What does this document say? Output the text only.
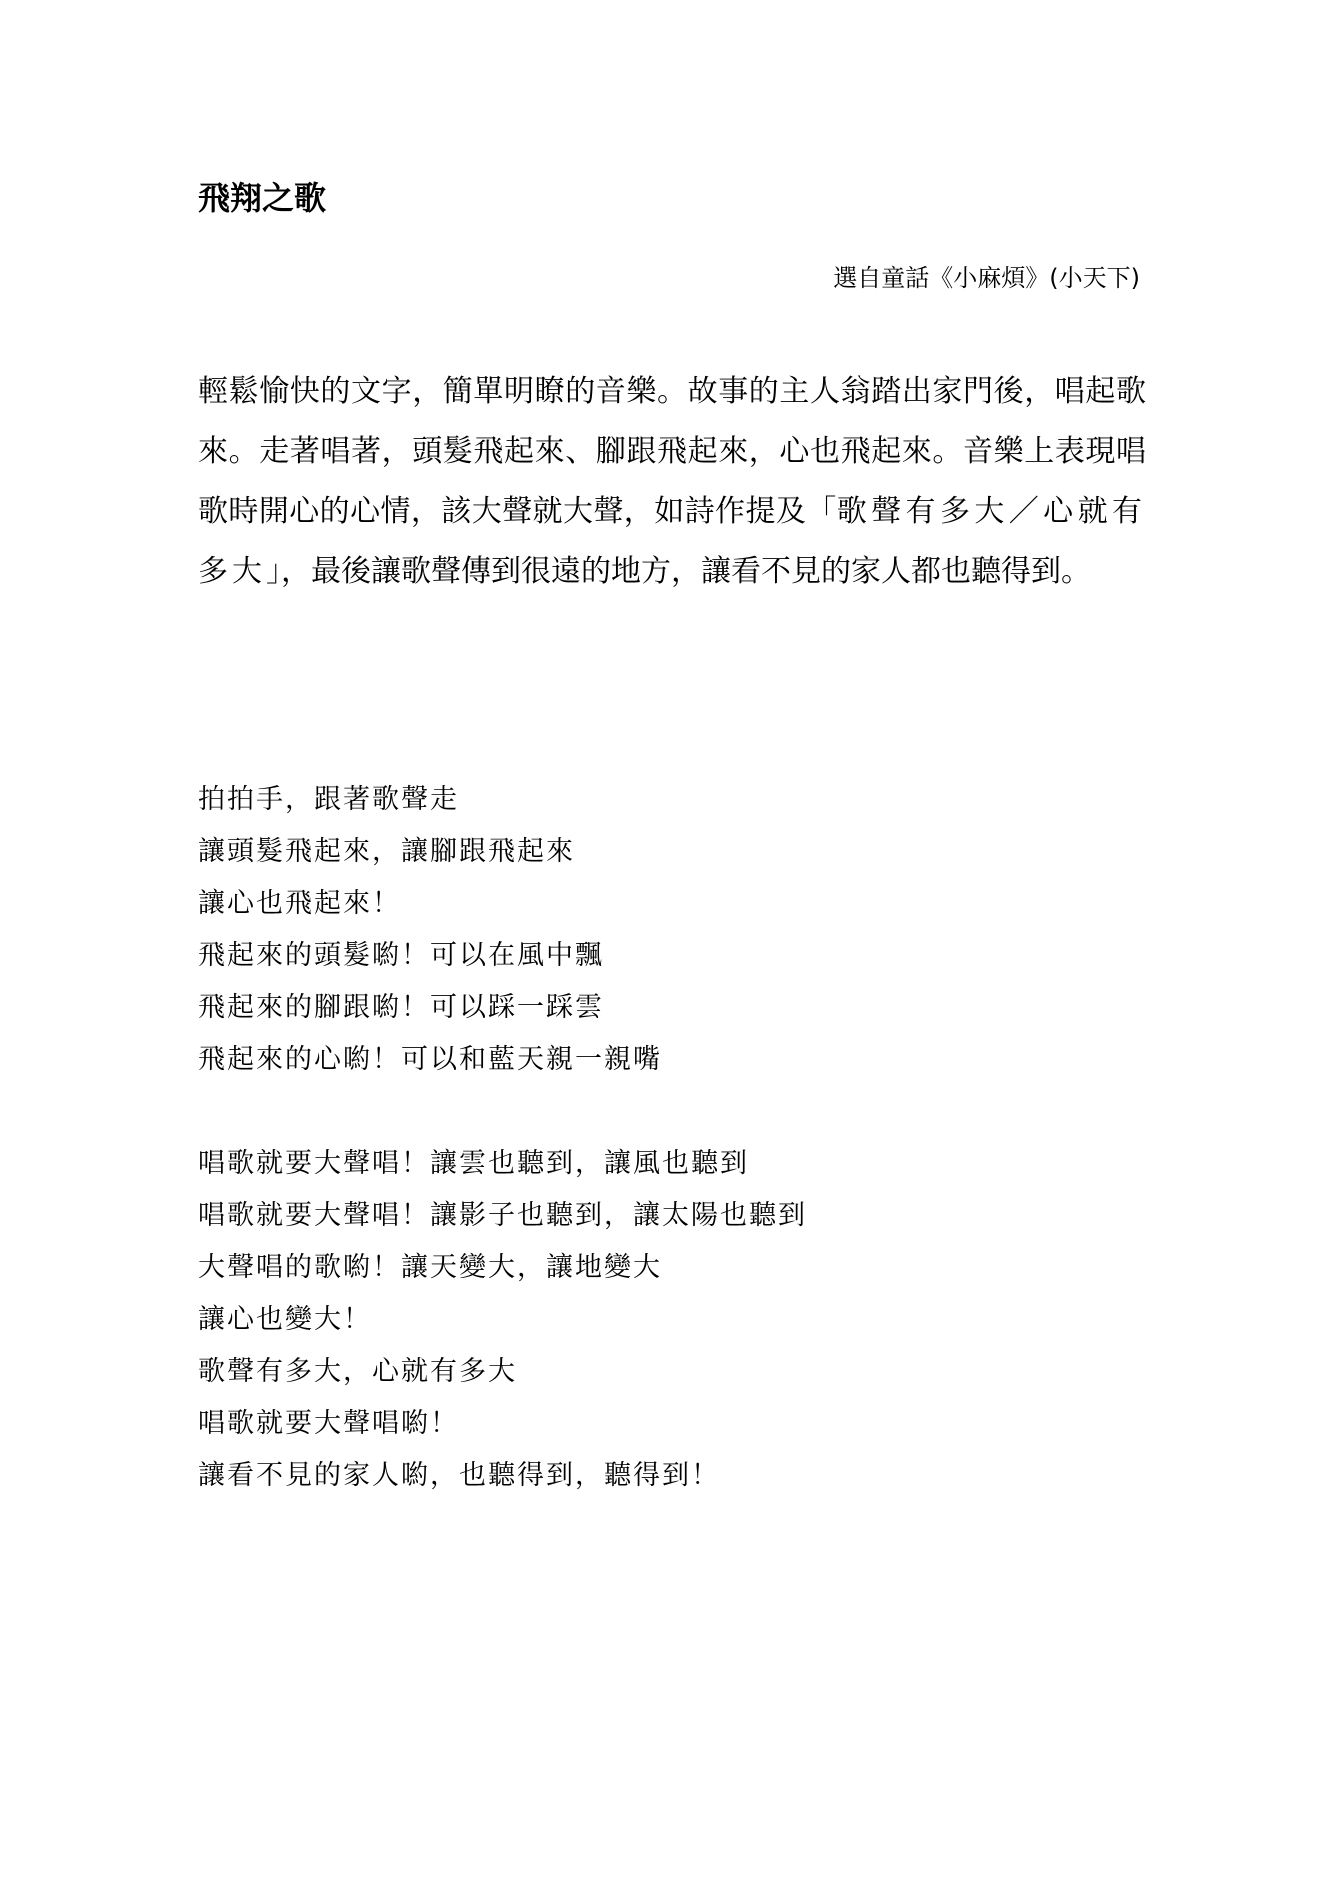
飛翔之歌
選自童話《小麻煩》(小天下)

輕鬆愉快的文字，簡單明瞭的音樂。故事的主人翁踏出家門後，唱起歌來。走著唱著，頭髮飛起來、腳跟飛起來，心也飛起來。音樂上表現唱歌時開心的心情，該大聲就大聲，如詩作提及「歌聲有多大／心就有多大」，最後讓歌聲傳到很遠的地方，讓看不見的家人都也聽得到。

拍拍手，跟著歌聲走
讓頭髮飛起來，讓腳跟飛起來
讓心也飛起來！
飛起來的頭髮喲！可以在風中飄
飛起來的腳跟喲！可以踩一踩雲
飛起來的心喲！可以和藍天親一親嘴
唱歌就要大聲唱！讓雲也聽到，讓風也聽到
唱歌就要大聲唱！讓影子也聽到，讓太陽也聽到
大聲唱的歌喲！讓天變大，讓地變大
讓心也變大！
歌聲有多大，心就有多大
唱歌就要大聲唱喲！
讓看不見的家人喲，也聽得到，聽得到！
